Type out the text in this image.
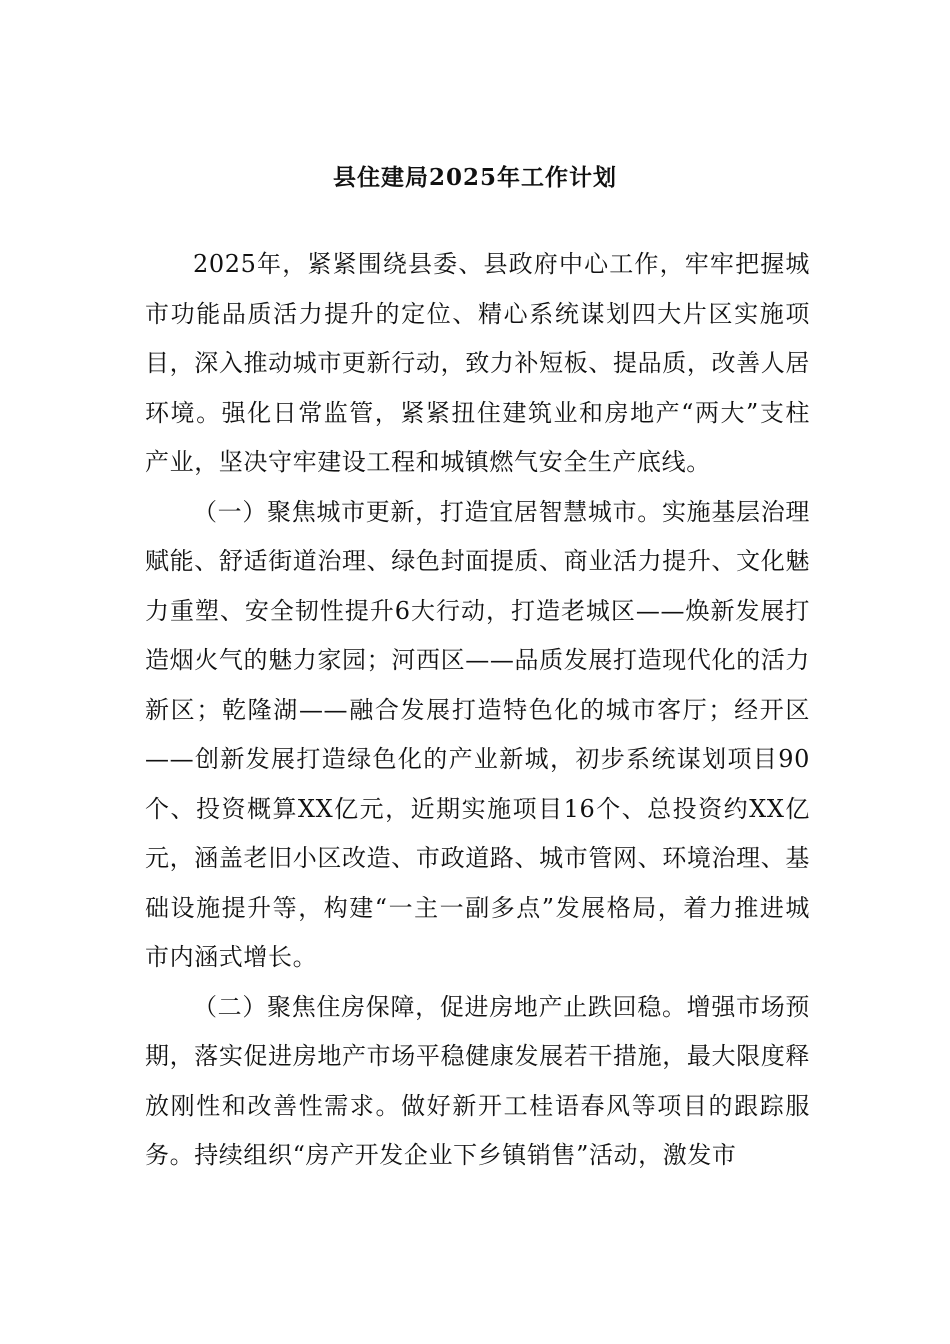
县住建局2025年工作计划

2025年，紧紧围绕县委、县政府中心工作，牢牢把握城市功能品质活力提升的定位、精心系统谋划四大片区实施项目，深入推动城市更新行动，致力补短板、提品质，改善人居环境。强化日常监管，紧紧扭住建筑业和房地产“两大”支柱产业，坚决守牢建设工程和城镇燃气安全生产底线。

（一）聚焦城市更新，打造宜居智慧城市。实施基层治理赋能、舒适街道治理、绿色封面提质、商业活力提升、文化魅力重塑、安全韧性提升6大行动，打造老城区——焕新发展打造烟火气的魅力家园；河西区——品质发展打造现代化的活力新区；乾隆湖——融合发展打造特色化的城市客厅；经开区——创新发展打造绿色化的产业新城，初步系统谋划项目90个、投资概算XX亿元，近期实施项目16个、总投资约XX亿元，涵盖老旧小区改造、市政道路、城市管网、环境治理、基础设施提升等，构建“一主一副多点”发展格局，着力推进城市内涵式增长。

（二）聚焦住房保障，促进房地产止跌回稳。增强市场预期，落实促进房地产市场平稳健康发展若干措施，最大限度释放刚性和改善性需求。做好新开工桂语春风等项目的跟踪服务。持续组织“房产开发企业下乡镇销售”活动，激发市
